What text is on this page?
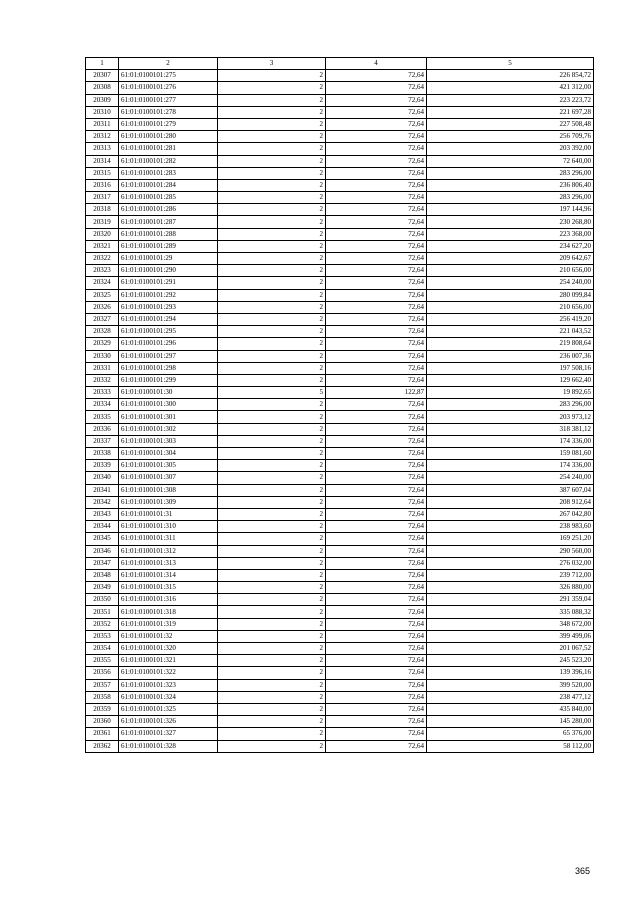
1	2	3	4	5
20307	61:01:0100101:275	2	72,64	226 854,72
20308	61:01:0100101:276	2	72,64	421 312,00
20309	61:01:0100101:277	2	72,64	223 223,72
20310	61:01:0100101:278	2	72,64	221 697,28
20311	61:01:0100101:279	2	72,64	227 508,48
20312	61:01:0100101:280	2	72,64	256 709,76
20313	61:01:0100101:281	2	72,64	203 392,00
20314	61:01:0100101:282	2	72,64	72 640,00
20315	61:01:0100101:283	2	72,64	283 296,00
20316	61:01:0100101:284	2	72,64	236 806,40
20317	61:01:0100101:285	2	72,64	283 296,00
20318	61:01:0100101:286	2	72,64	197 144,96
20319	61:01:0100101:287	2	72,64	230 268,80
20320	61:01:0100101:288	2	72,64	223 368,00
20321	61:01:0100101:289	2	72,64	234 627,20
20322	61:01:0100101:29	2	72,64	209 642,67
20323	61:01:0100101:290	2	72,64	210 656,00
20324	61:01:0100101:291	2	72,64	254 240,00
20325	61:01:0100101:292	2	72,64	280 099,84
20326	61:01:0100101:293	2	72,64	210 656,00
20327	61:01:0100101:294	2	72,64	256 419,20
20328	61:01:0100101:295	2	72,64	221 043,52
20329	61:01:0100101:296	2	72,64	219 808,64
20330	61:01:0100101:297	2	72,64	236 007,36
20331	61:01:0100101:298	2	72,64	197 508,16
20332	61:01:0100101:299	2	72,64	129 662,40
20333	61:01:0100101:30	5	122,87	19 892,65
20334	61:01:0100101:300	2	72,64	283 296,00
20335	61:01:0100101:301	2	72,64	203 973,12
20336	61:01:0100101:302	2	72,64	318 381,12
20337	61:01:0100101:303	2	72,64	174 336,00
20338	61:01:0100101:304	2	72,64	159 081,60
20339	61:01:0100101:305	2	72,64	174 336,00
20340	61:01:0100101:307	2	72,64	254 240,00
20341	61:01:0100101:308	2	72,64	387 607,04
20342	61:01:0100101:309	2	72,64	208 912,64
20343	61:01:0100101:31	2	72,64	267 042,80
20344	61:01:0100101:310	2	72,64	238 983,60
20345	61:01:0100101:311	2	72,64	169 251,20
20346	61:01:0100101:312	2	72,64	290 560,00
20347	61:01:0100101:313	2	72,64	276 032,00
20348	61:01:0100101:314	2	72,64	239 712,00
20349	61:01:0100101:315	2	72,64	326 880,00
20350	61:01:0100101:316	2	72,64	291 359,04
20351	61:01:0100101:318	2	72,64	335 088,32
20352	61:01:0100101:319	2	72,64	348 672,00
20353	61:01:0100101:32	2	72,64	399 499,06
20354	61:01:0100101:320	2	72,64	201 067,52
20355	61:01:0100101:321	2	72,64	245 523,20
20356	61:01:0100101:322	2	72,64	139 396,16
20357	61:01:0100101:323	2	72,64	399 520,00
20358	61:01:0100101:324	2	72,64	238 477,12
20359	61:01:0100101:325	2	72,64	435 840,00
20360	61:01:0100101:326	2	72,64	145 280,00
20361	61:01:0100101:327	2	72,64	65 376,00
20362	61:01:0100101:328	2	72,64	58 112,00
365
